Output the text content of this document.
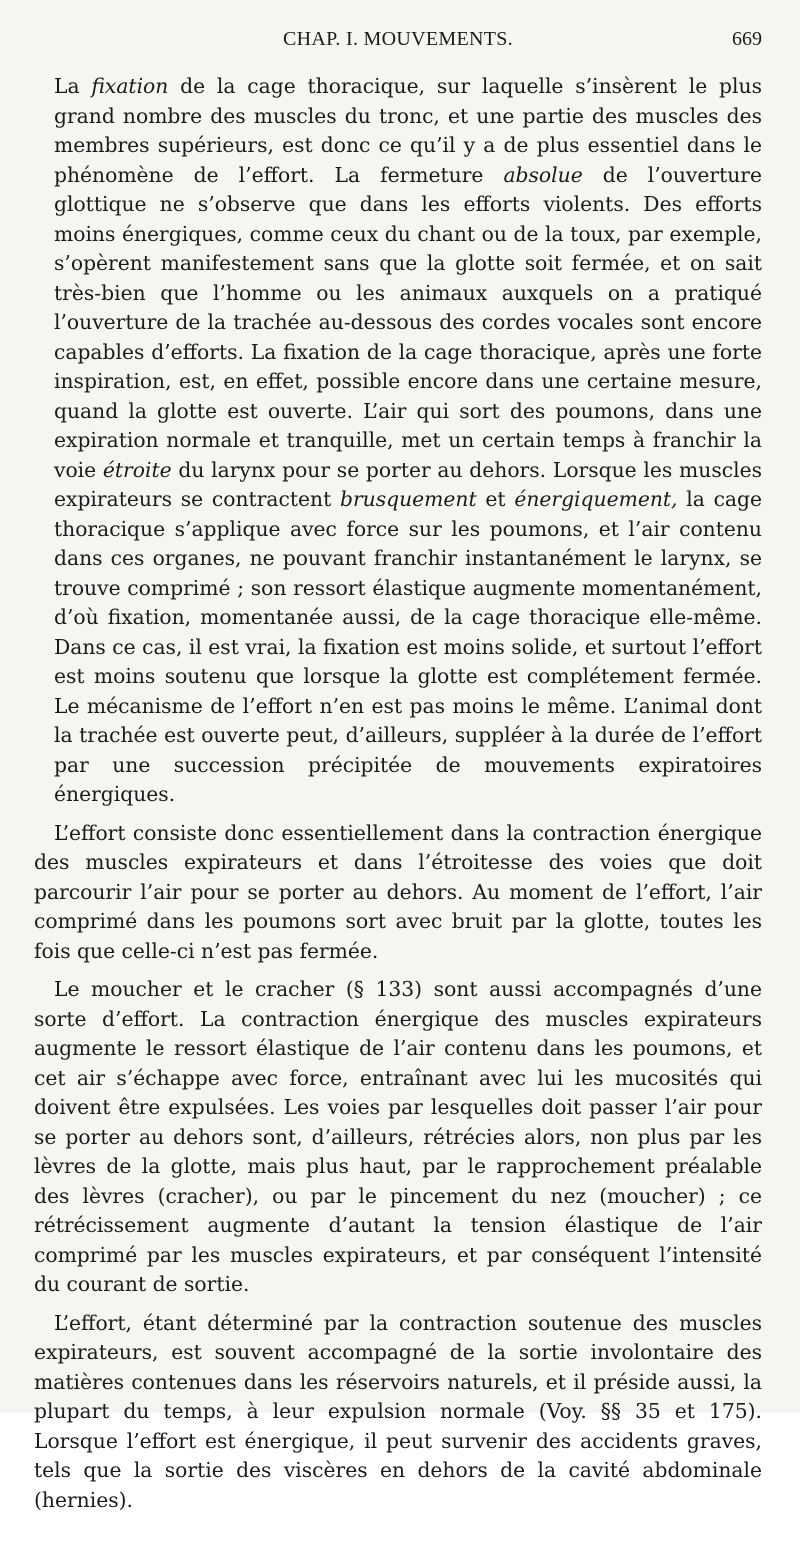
CHAP. I. MOUVEMENTS.	669

La fixation de la cage thoracique, sur laquelle s’insèrent le plus grand nombre des muscles du tronc, et une partie des muscles des membres supérieurs, est donc ce qu’il y a de plus essentiel dans le phénomène de l’effort. La fermeture absolue de l’ouverture glottique ne s’observe que dans les efforts violents. Des efforts moins énergiques, comme ceux du chant ou de la toux, par exemple, s’opèrent manifestement sans que la glotte soit fermée, et on sait très-bien que l’homme ou les animaux auxquels on a pratiqué l’ouverture de la trachée au-dessous des cordes vocales sont encore capables d’efforts. La fixation de la cage thoracique, après une forte inspiration, est, en effet, possible encore dans une certaine mesure, quand la glotte est ouverte. L’air qui sort des poumons, dans une expiration normale et tranquille, met un certain temps à franchir la voie étroite du larynx pour se porter au dehors. Lorsque les muscles expirateurs se contractent brusquement et énergiquement, la cage thoracique s’applique avec force sur les poumons, et l’air contenu dans ces organes, ne pouvant franchir instantanément le larynx, se trouve comprimé ; son ressort élastique augmente momentanément, d’où fixation, momentanée aussi, de la cage thoracique elle-même. Dans ce cas, il est vrai, la fixation est moins solide, et surtout l’effort est moins soutenu que lorsque la glotte est complétement fermée. Le mécanisme de l’effort n’en est pas moins le même. L’animal dont la trachée est ouverte peut, d’ailleurs, suppléer à la durée de l’effort par une succession précipitée de mouvements expiratoires énergiques.

L’effort consiste donc essentiellement dans la contraction énergique des muscles expirateurs et dans l’étroitesse des voies que doit parcourir l’air pour se porter au dehors. Au moment de l’effort, l’air comprimé dans les poumons sort avec bruit par la glotte, toutes les fois que celle-ci n’est pas fermée.

Le moucher et le cracher (§ 133) sont aussi accompagnés d’une sorte d’effort. La contraction énergique des muscles expirateurs augmente le ressort élastique de l’air contenu dans les poumons, et cet air s’échappe avec force, entraînant avec lui les mucosités qui doivent être expulsées. Les voies par lesquelles doit passer l’air pour se porter au dehors sont, d’ailleurs, rétrécies alors, non plus par les lèvres de la glotte, mais plus haut, par le rapprochement préalable des lèvres (cracher), ou par le pincement du nez (moucher) ; ce rétrécissement augmente d’autant la tension élastique de l’air comprimé par les muscles expirateurs, et par conséquent l’intensité du courant de sortie.

L’effort, étant déterminé par la contraction soutenue des muscles expirateurs, est souvent accompagné de la sortie involontaire des matières contenues dans les réservoirs naturels, et il préside aussi, la plupart du temps, à leur expulsion normale (Voy. §§ 35 et 175). Lorsque l’effort est énergique, il peut survenir des accidents graves, tels que la sortie des viscères en dehors de la cavité abdominale (hernies).
